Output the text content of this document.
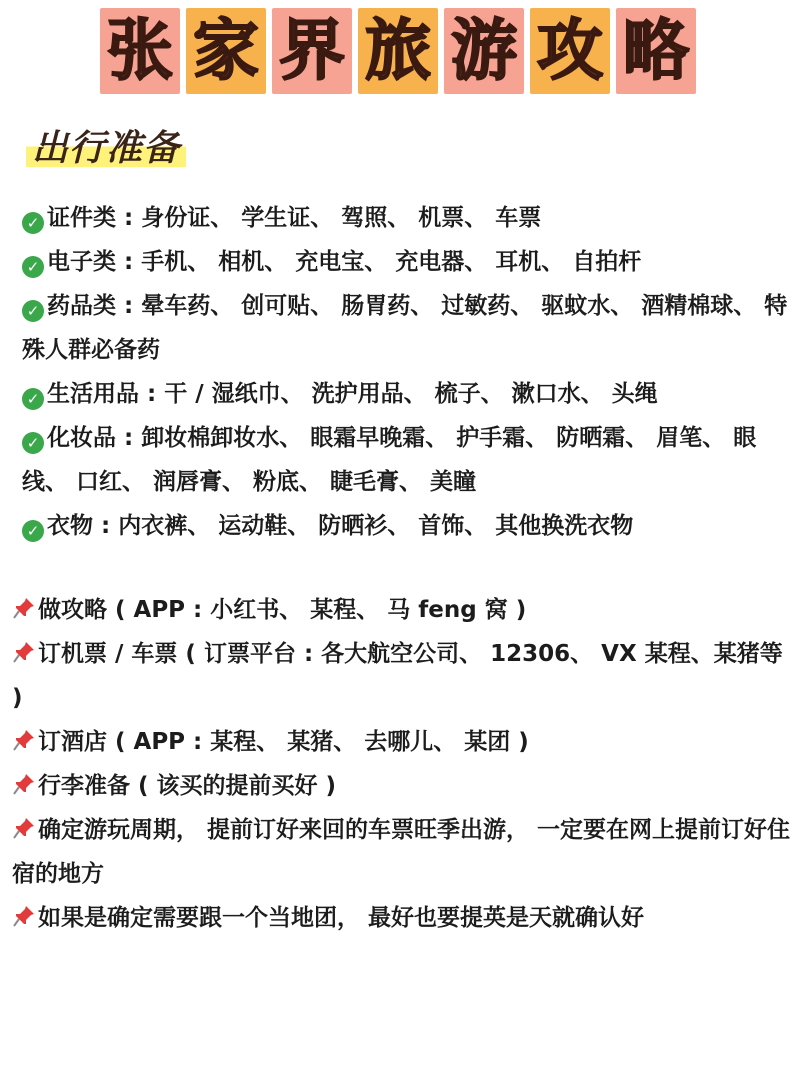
张 家 界 旅 游 攻 略
出行准备
✓ 证件类 : 身份证、 学生证、 驾照、 机票、 车票
✓ 电子类 : 手机、 相机、 充电宝、 充电器、 耳机、 自拍杆
✓ 药品类 : 晕车药、 创可贴、 肠胃药、 过敏药、 驱蚊水、 酒精棉球、 特殊人群必备药
✓ 生活用品 : 干 / 湿纸巾、 洗护用品、 梳子、 漱口水、 头绳
✓ 化妆品 : 卸妆棉卸妆水、 眼霜早晚霜、 护手霜、 防晒霜、 眉笔、 眼线、 口红、 润唇膏、 粉底、 睫毛膏、 美瞳
✓ 衣物 : 内衣裤、 运动鞋、 防晒衫、 首饰、 其他换洗衣物
做攻略 ( APP : 小红书、 某程、 马 feng 窝 )
订机票 / 车票 ( 订票平台 : 各大航空公司、 12306、 VX 某程、某猪等 )
订酒店 ( APP : 某程、 某猪、 去哪儿、 某团 )
行李准备 ( 该买的提前买好 )
确定游玩周期， 提前订好来回的车票旺季出游， 一定要在网上提前订好住宿的地方
如果是确定需要跟一个当地团， 最好也要提英是天就确认好
